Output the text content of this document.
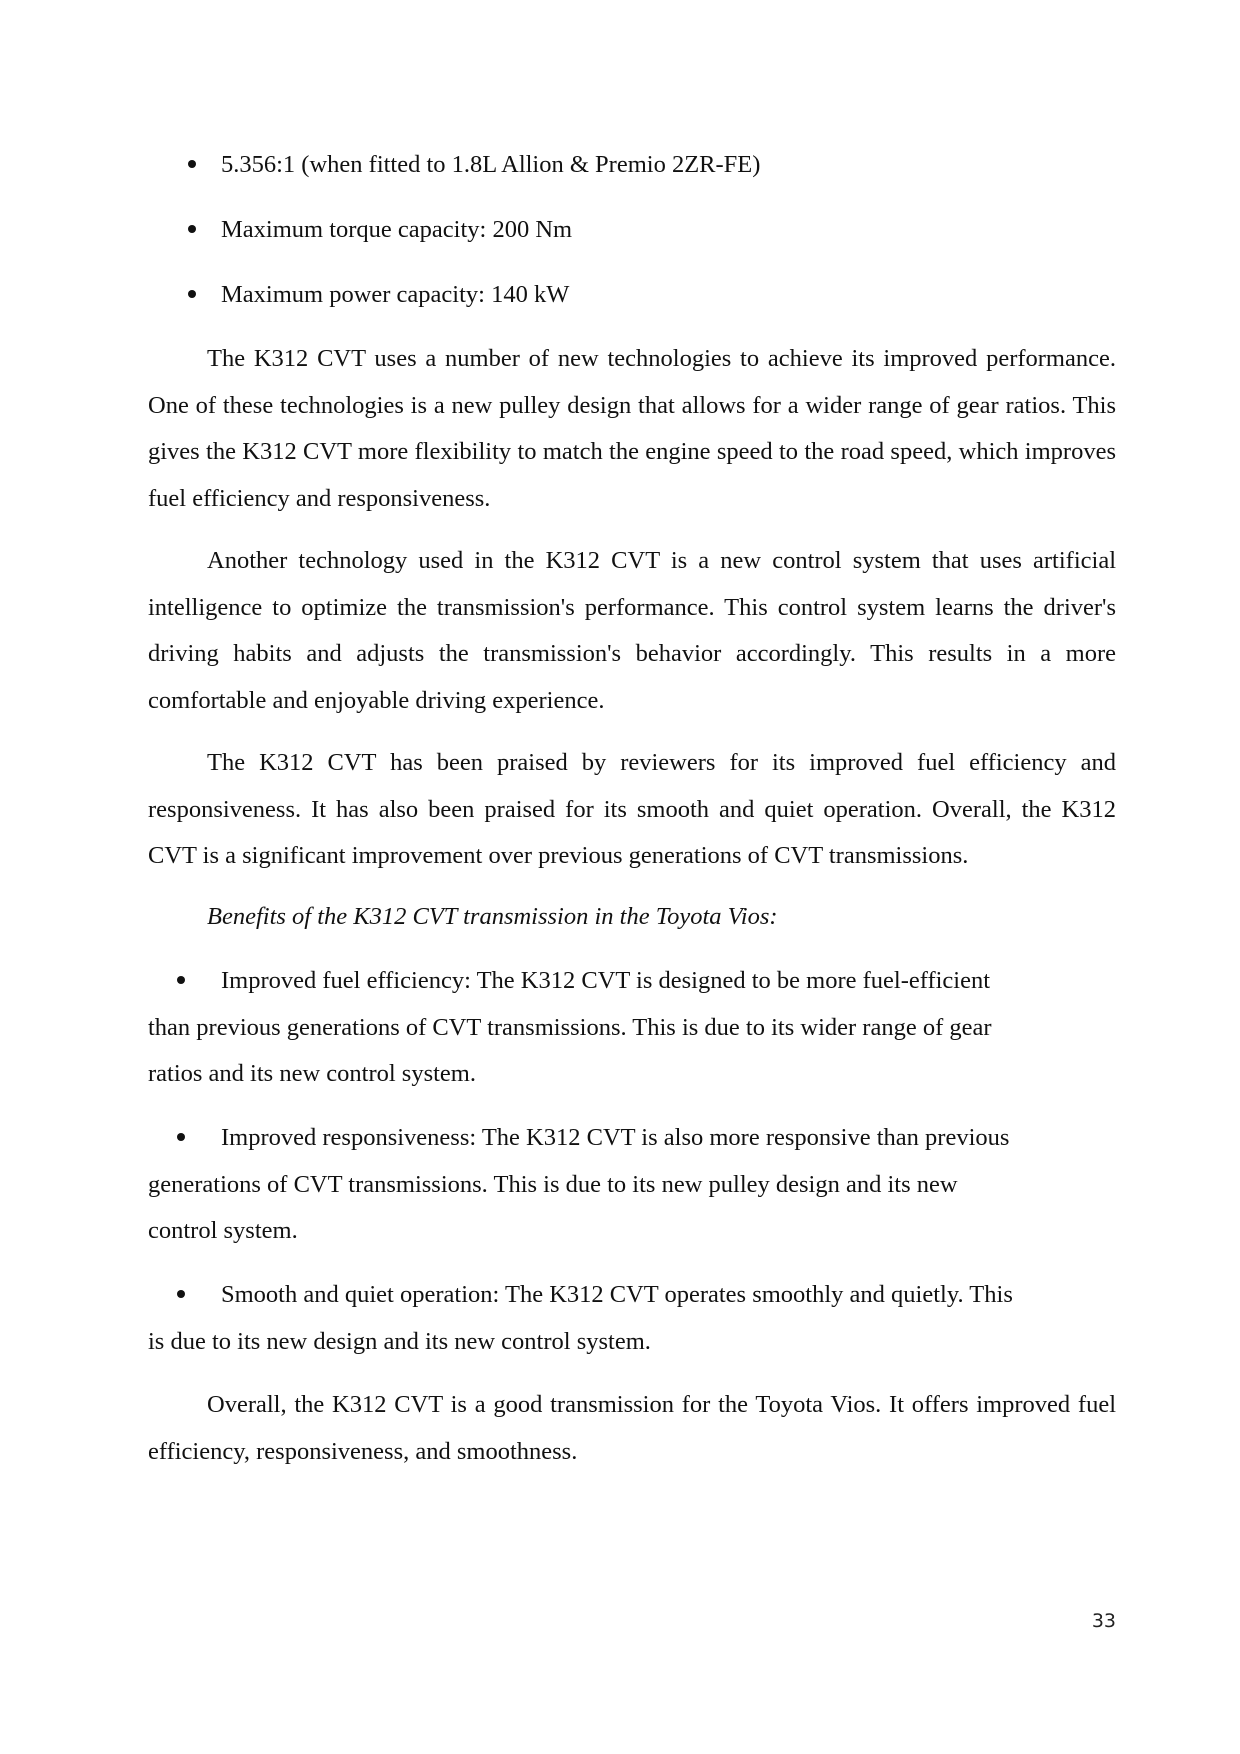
5.356:1 (when fitted to 1.8L Allion & Premio 2ZR-FE)
Maximum torque capacity: 200 Nm
Maximum power capacity: 140 kW

The K312 CVT uses a number of new technologies to achieve its improved performance. One of these technologies is a new pulley design that allows for a wider range of gear ratios. This gives the K312 CVT more flexibility to match the engine speed to the road speed, which improves fuel efficiency and responsiveness.

Another technology used in the K312 CVT is a new control system that uses artificial intelligence to optimize the transmission's performance. This control system learns the driver's driving habits and adjusts the transmission's behavior accordingly. This results in a more comfortable and enjoyable driving experience.

The K312 CVT has been praised by reviewers for its improved fuel efficiency and responsiveness. It has also been praised for its smooth and quiet operation. Overall, the K312 CVT is a significant improvement over previous generations of CVT transmissions.

Benefits of the K312 CVT transmission in the Toyota Vios:

Improved fuel efficiency: The K312 CVT is designed to be more fuel-efficient
than previous generations of CVT transmissions. This is due to its wider range of gear
ratios and its new control system.
Improved responsiveness: The K312 CVT is also more responsive than previous
generations of CVT transmissions. This is due to its new pulley design and its new
control system.
Smooth and quiet operation: The K312 CVT operates smoothly and quietly. This
is due to its new design and its new control system.

Overall, the K312 CVT is a good transmission for the Toyota Vios. It offers improved fuel efficiency, responsiveness, and smoothness.

33
